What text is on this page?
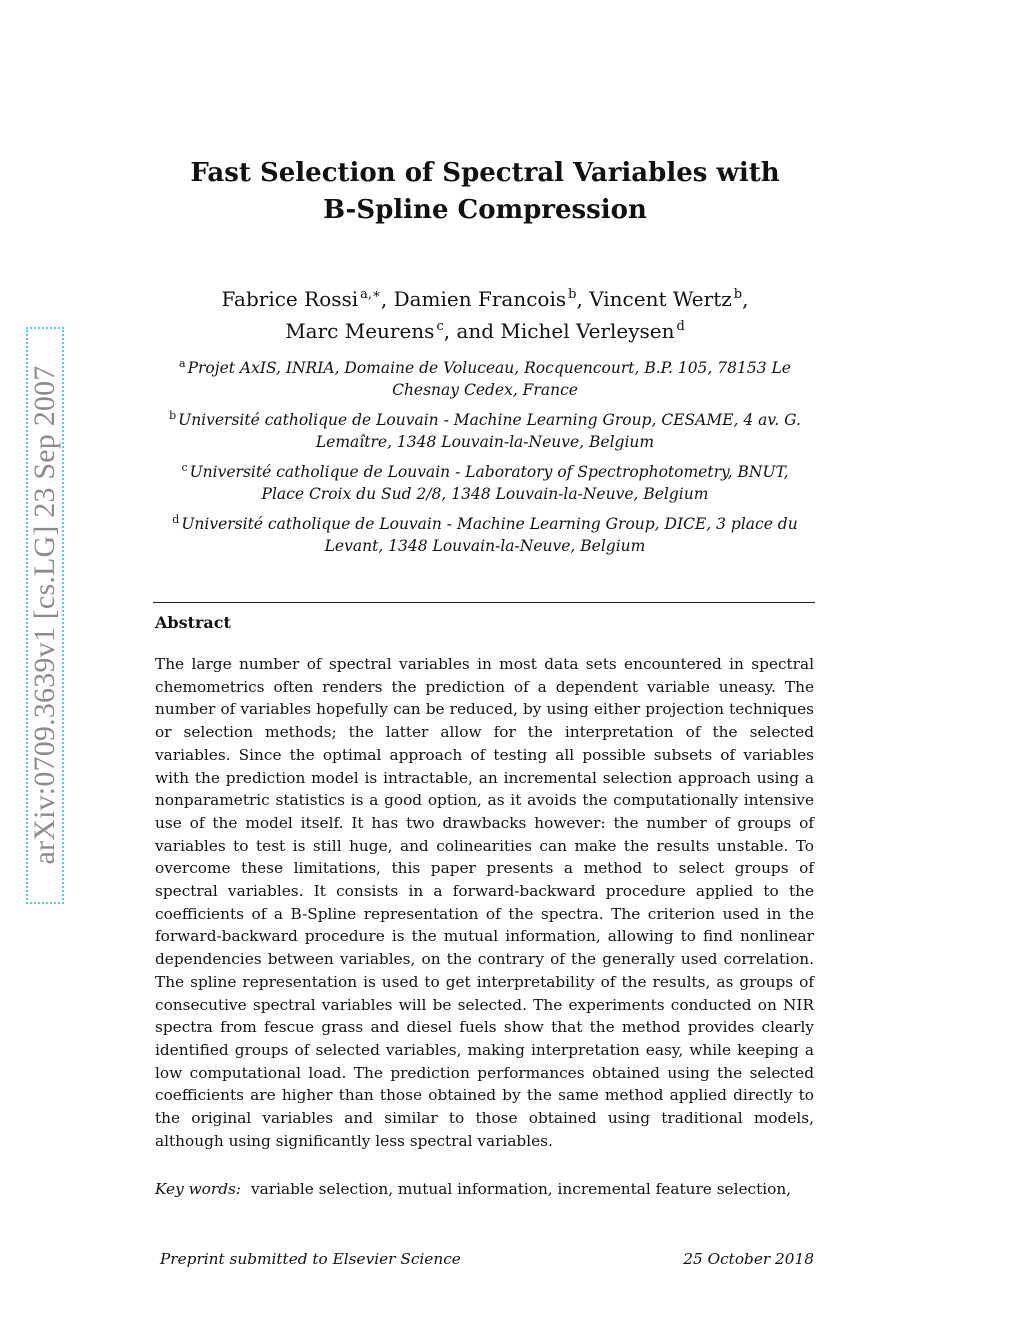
arXiv:0709.3639v1 [cs.LG] 23 Sep 2007
Fast Selection of Spectral Variables with
B-Spline Compression
Fabrice Rossi $^{a,∗}$, Damien Francois $^b$, Vincent Wertz $^b$,
Marc Meurens $^c$, and Michel Verleysen $^d$
$^a$ Projet AxIS, INRIA, Domaine de Voluceau, Rocquencourt, B.P. 105, 78153 Le
Chesnay Cedex, France
$^b$ Université catholique de Louvain - Machine Learning Group, CESAME, 4 av. G.
Lemaître, 1348 Louvain-la-Neuve, Belgium
$^c$ Université catholique de Louvain - Laboratory of Spectrophotometry, BNUT,
Place Croix du Sud 2/8, 1348 Louvain-la-Neuve, Belgium
$^d$ Université catholique de Louvain - Machine Learning Group, DICE, 3 place du
Levant, 1348 Louvain-la-Neuve, Belgium
Abstract
The large number of spectral variables in most data sets encountered in spectral chemometrics often renders the prediction of a dependent variable uneasy. The number of variables hopefully can be reduced, by using either projection techniques or selection methods; the latter allow for the interpretation of the selected variables. Since the optimal approach of testing all possible subsets of variables with the prediction model is intractable, an incremental selection approach using a nonparametric statistics is a good option, as it avoids the computationally intensive use of the model itself. It has two drawbacks however: the number of groups of variables to test is still huge, and colinearities can make the results unstable. To overcome these limitations, this paper presents a method to select groups of spectral variables. It consists in a forward-backward procedure applied to the coefficients of a B-Spline representation of the spectra. The criterion used in the forward-backward procedure is the mutual information, allowing to find nonlinear dependencies between variables, on the contrary of the generally used correlation. The spline representation is used to get interpretability of the results, as groups of consecutive spectral variables will be selected. The experiments conducted on NIR spectra from fescue grass and diesel fuels show that the method provides clearly identified groups of selected variables, making interpretation easy, while keeping a low computational load. The prediction performances obtained using the selected coefficients are higher than those obtained by the same method applied directly to the original variables and similar to those obtained using traditional models, although using significantly less spectral variables.
Key words: variable selection, mutual information, incremental feature selection,
Preprint submitted to Elsevier Science	25 October 2018
